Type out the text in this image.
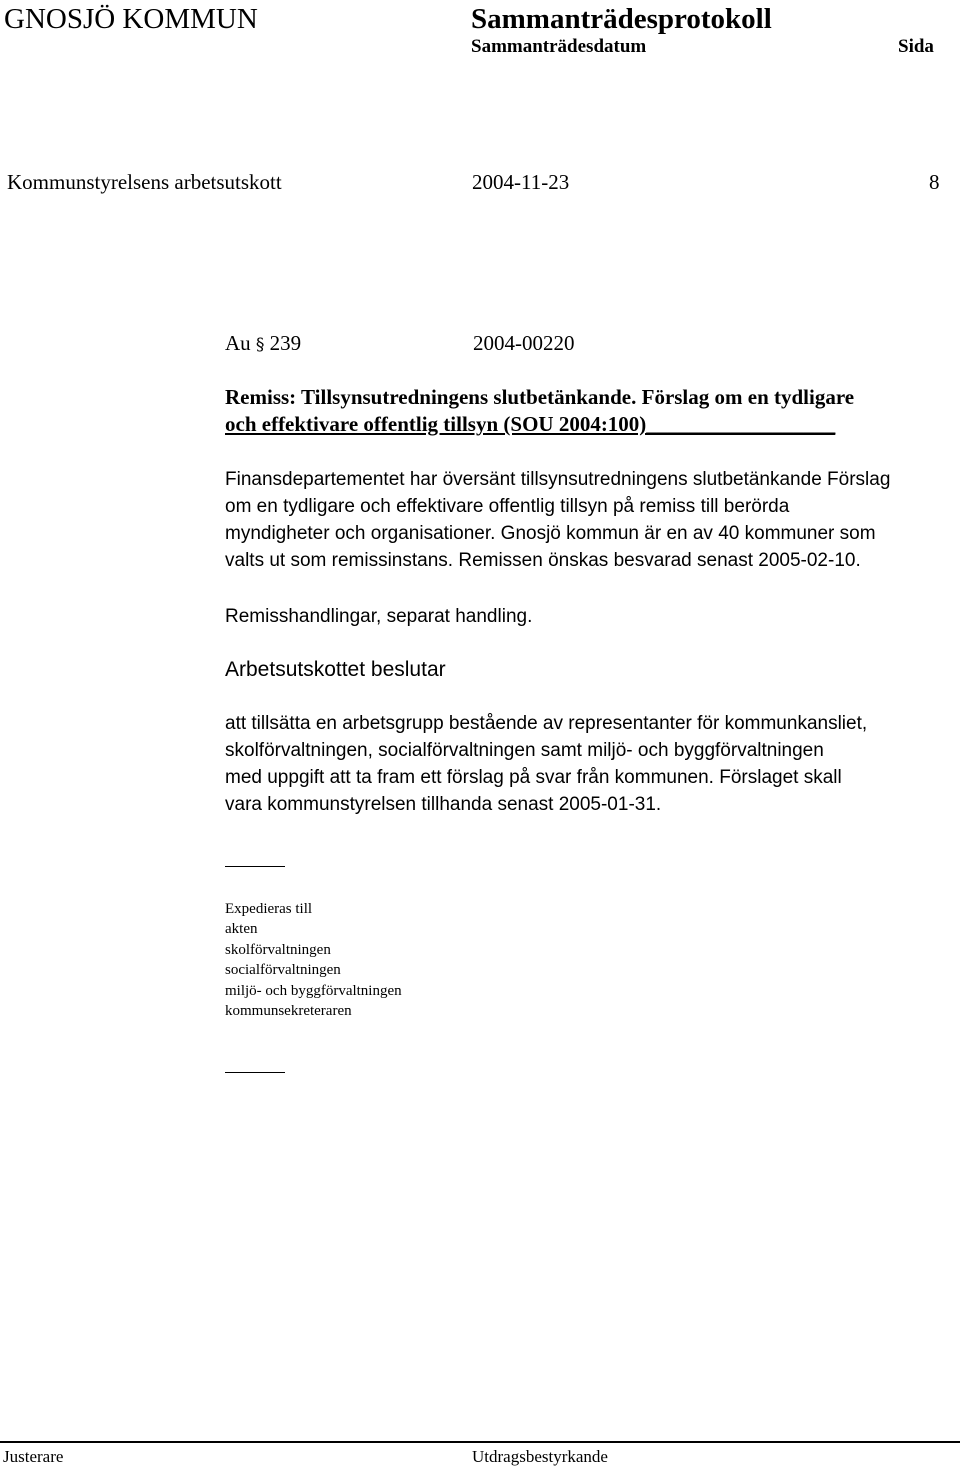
GNOSJÖ KOMMUN	Sammanträdesprotokoll
Sammanträdesdatum	Sida
Kommunstyrelsens arbetsutskott	2004-11-23	8
Au § 239	2004-00220
Remiss: Tillsynsutredningens slutbetänkande. Förslag om en tydligare
och effektivare offentlig tillsyn (SOU 2004:100)__________________
Finansdepartementet har översänt tillsynsutredningens slutbetänkande Förslag
om en tydligare och effektivare offentlig tillsyn på remiss till berörda
myndigheter och organisationer. Gnosjö kommun är en av 40 kommuner som
valts ut som remissinstans. Remissen önskas besvarad senast 2005-02-10.
Remisshandlingar, separat handling.
Arbetsutskottet beslutar
att tillsätta en arbetsgrupp bestående av representanter för kommunkansliet,
skolförvaltningen, socialförvaltningen samt miljö- och byggförvaltningen
med uppgift att ta fram ett förslag på svar från kommunen. Förslaget skall
vara kommunstyrelsen tillhanda senast 2005-01-31.
Expedieras till
akten
skolförvaltningen
socialförvaltningen
miljö- och byggförvaltningen
kommunsekreteraren
Justerare	Utdragsbestyrkande
